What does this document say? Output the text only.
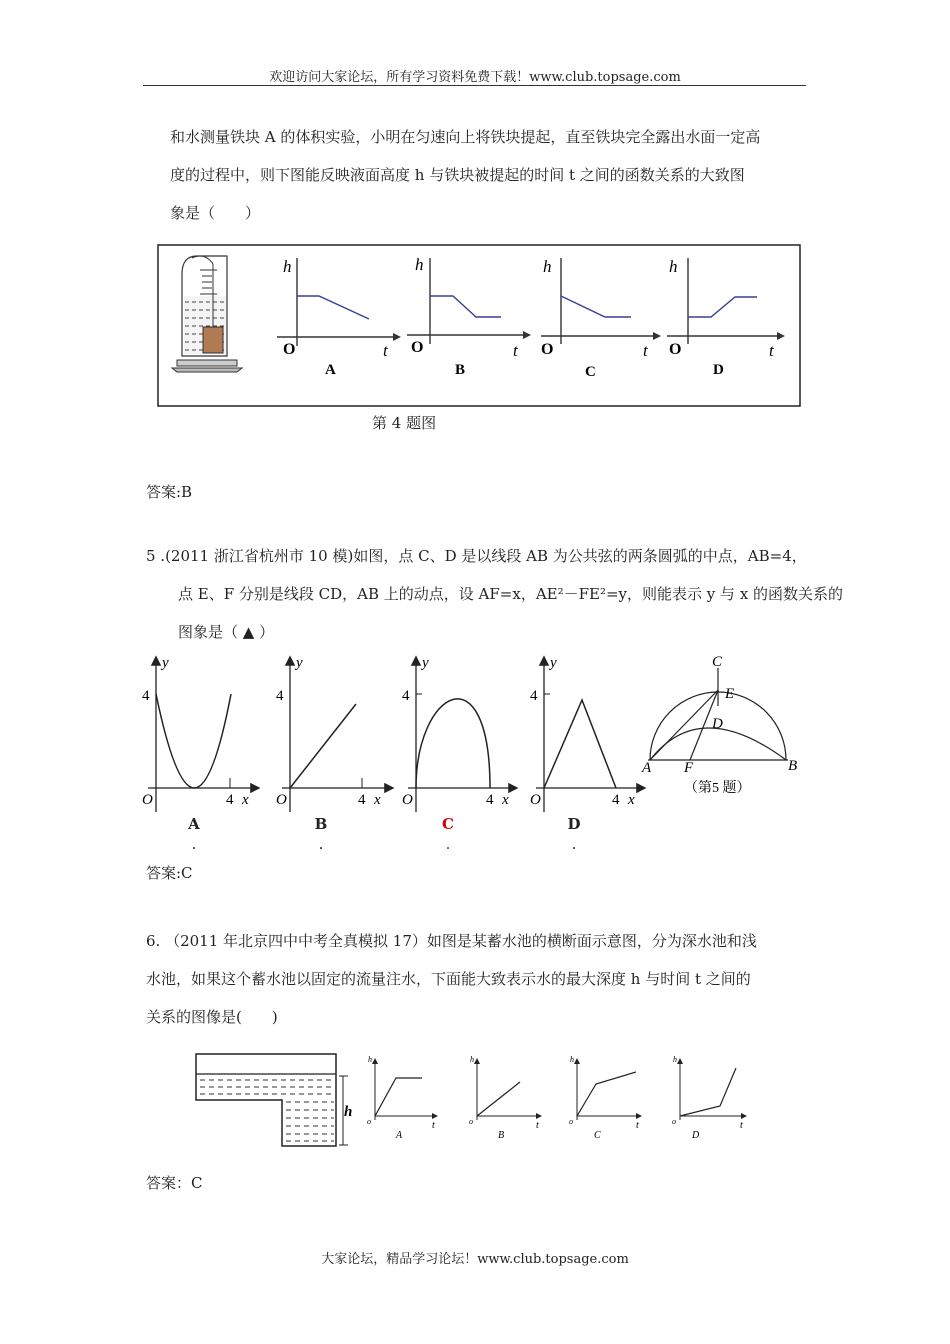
欢迎访问大家论坛，所有学习资料免费下载！www.club.topsage.com
和水测量铁块 A 的体积实验，小明在匀速向上将铁块提起，直至铁块完全露出水面一定高
度的过程中，则下图能反映液面高度 h 与铁块被提起的时间 t 之间的函数关系的大致图
象是（　　）
h
O	t
A
h
O	t
B
h
O	t
C
h
O	t
D
第 4 题图
答案:B
5 .(2011 浙江省杭州市 10 模)如图，点 C、D 是以线段 AB 为公共弦的两条圆弧的中点，AB=4，
点 E、F 分别是线段 CD，AB 上的动点，设 AF=x，AE²－FE²=y，则能表示 y 与 x 的函数关系的
图象是（ ▲ ）
y
4
O	4 x
y
4
O	4 x
y
4
O	4 x
y
4
O	4 x
C
E
D
A F	B
（第5 题）
A
.
B
.
C
.
D
.
答案:C
6. （2011 年北京四中中考全真模拟 17）如图是某蓄水池的横断面示意图，分为深水池和浅
水池，如果这个蓄水池以固定的流量注水，下面能大致表示水的最大深度 h 与时间 t 之间的
关系的图像是(　　)
h
h
o	t
A
h
o	t
B
h
o	t
C
h
o	t
D
答案：C
大家论坛，精品学习论坛！www.club.topsage.com
